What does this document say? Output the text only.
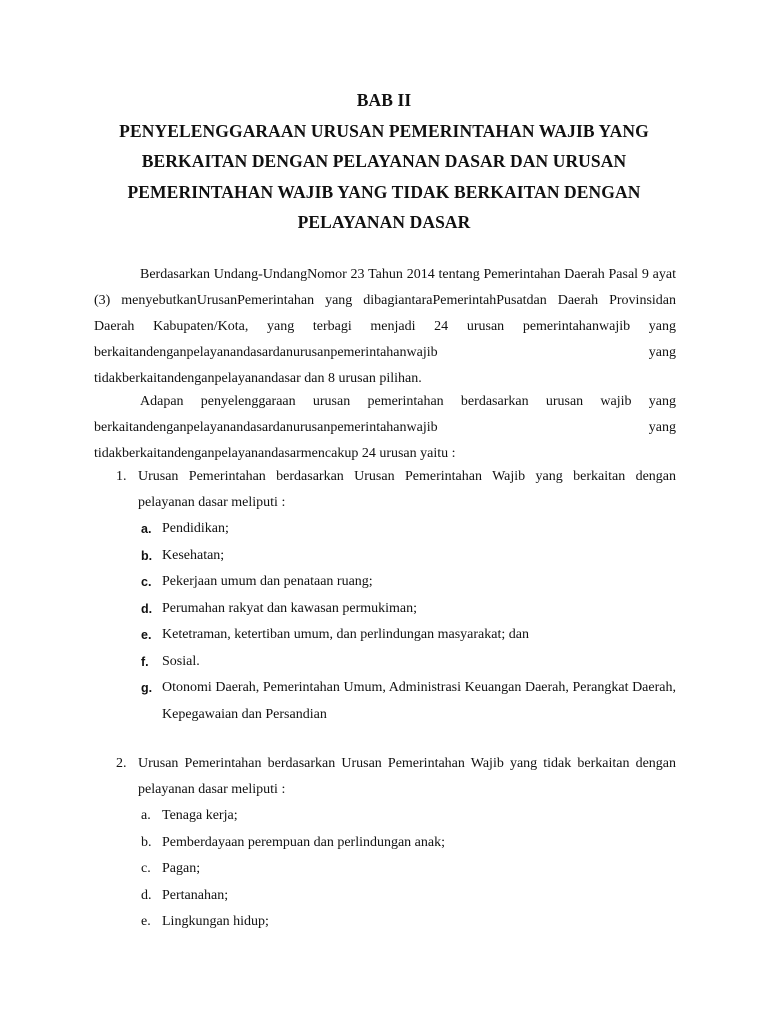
BAB II
PENYELENGGARAAN URUSAN PEMERINTAHAN WAJIB YANG
BERKAITAN DENGAN PELAYANAN DASAR DAN URUSAN
PEMERINTAHAN WAJIB YANG TIDAK BERKAITAN DENGAN
PELAYANAN DASAR

Berdasarkan Undang-UndangNomor 23 Tahun 2014 tentang Pemerintahan Daerah Pasal 9 ayat (3) menyebutkanUrusanPemerintahan yang dibagiantaraPemerintahPusatdan Daerah Provinsidan Daerah Kabupaten/Kota, yang terbagi menjadi 24 urusan pemerintahanwajib yang berkaitandenganpelayanandasardanurusanpemerintahanwajib yang tidakberkaitandenganpelayanandasar dan 8 urusan pilihan.

Adapan penyelenggaraan urusan pemerintahan berdasarkan urusan wajib yang

berkaitandenganpelayanandasardanurusanpemerintahanwajib yang
tidakberkaitandenganpelayanandasarmencakup 24 urusan yaitu :
1. Urusan Pemerintahan berdasarkan Urusan Pemerintahan Wajib yang berkaitan dengan pelayanan dasar meliputi :
a. Pendidikan;
b. Kesehatan;
c. Pekerjaan umum dan penataan ruang;
d. Perumahan rakyat dan kawasan permukiman;
e. Ketetraman, ketertiban umum, dan perlindungan masyarakat; dan
f. Sosial.
g. Otonomi Daerah, Pemerintahan Umum, Administrasi Keuangan Daerah, Perangkat Daerah, Kepegawaian dan Persandian
2. Urusan Pemerintahan berdasarkan Urusan Pemerintahan Wajib yang tidak berkaitan dengan pelayanan dasar meliputi :
a. Tenaga kerja;
b. Pemberdayaan perempuan dan perlindungan anak;
c. Pagan;
d. Pertanahan;
e. Lingkungan hidup;
